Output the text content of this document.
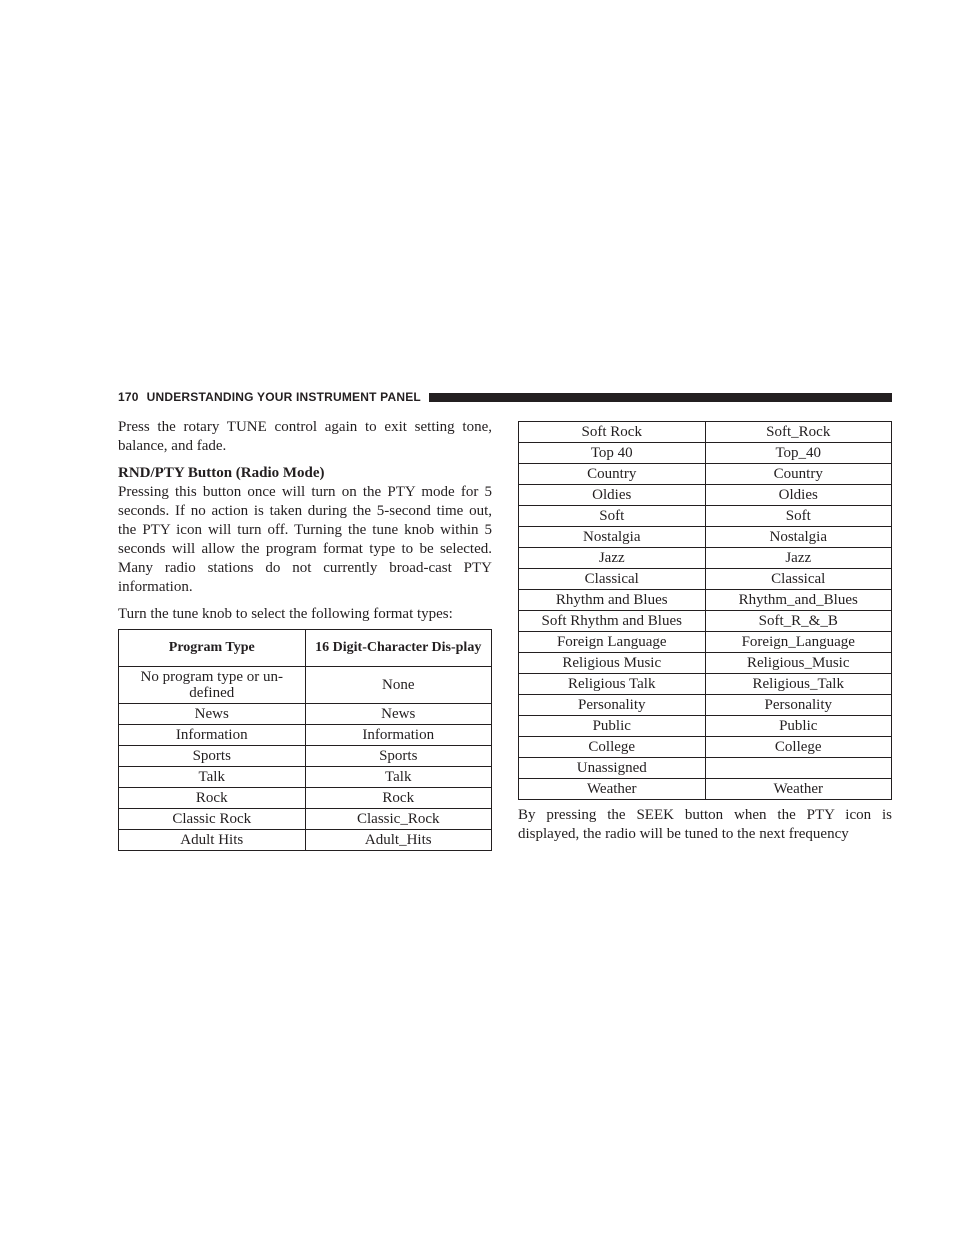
170 UNDERSTANDING YOUR INSTRUMENT PANEL

Press the rotary TUNE control again to exit setting tone, balance, and fade.

RND/PTY Button (Radio Mode)

Pressing this button once will turn on the PTY mode for 5 seconds. If no action is taken during the 5-second time out, the PTY icon will turn off. Turning the tune knob within 5 seconds will allow the program format type to be selected. Many radio stations do not currently broad-cast PTY information.

Turn the tune knob to select the following format types:

Program Type	16 Digit-Character Dis-play
No program type or un-defined	None
News	News
Information	Information
Sports	Sports
Talk	Talk
Rock	Rock
Classic Rock	Classic_Rock
Adult Hits	Adult_Hits
Soft Rock	Soft_Rock
Top 40	Top_40
Country	Country
Oldies	Oldies
Soft	Soft
Nostalgia	Nostalgia
Jazz	Jazz
Classical	Classical
Rhythm and Blues	Rhythm_and_Blues
Soft Rhythm and Blues	Soft_R_&_B
Foreign Language	Foreign_Language
Religious Music	Religious_Music
Religious Talk	Religious_Talk
Personality	Personality
Public	Public
College	College
Unassigned	
Weather	Weather

By pressing the SEEK button when the PTY icon is displayed, the radio will be tuned to the next frequency
